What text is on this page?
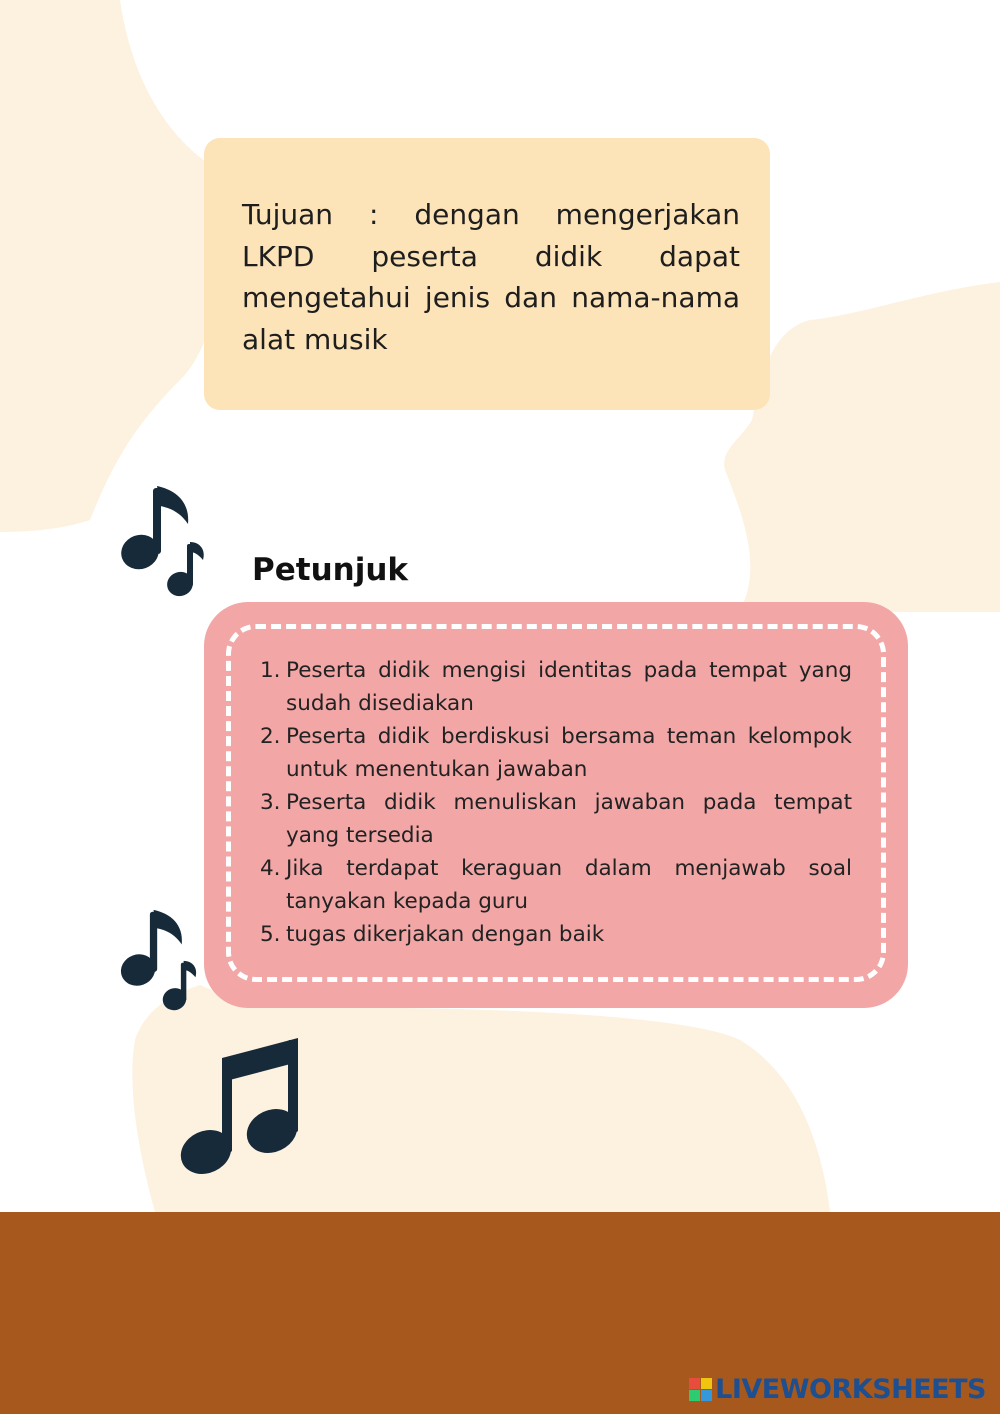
Tujuan : dengan mengerjakan LKPD peserta didik dapat mengetahui jenis dan nama-nama alat musik

Petunjuk
1. Peserta didik mengisi identitas pada tempat yang sudah disediakan
2. Peserta didik berdiskusi bersama teman kelompok untuk menentukan jawaban
3. Peserta didik menuliskan jawaban pada tempat yang tersedia
4. Jika terdapat keraguan dalam menjawab soal tanyakan kepada guru
5. tugas dikerjakan dengan baik
LIVEWORKSHEETS
